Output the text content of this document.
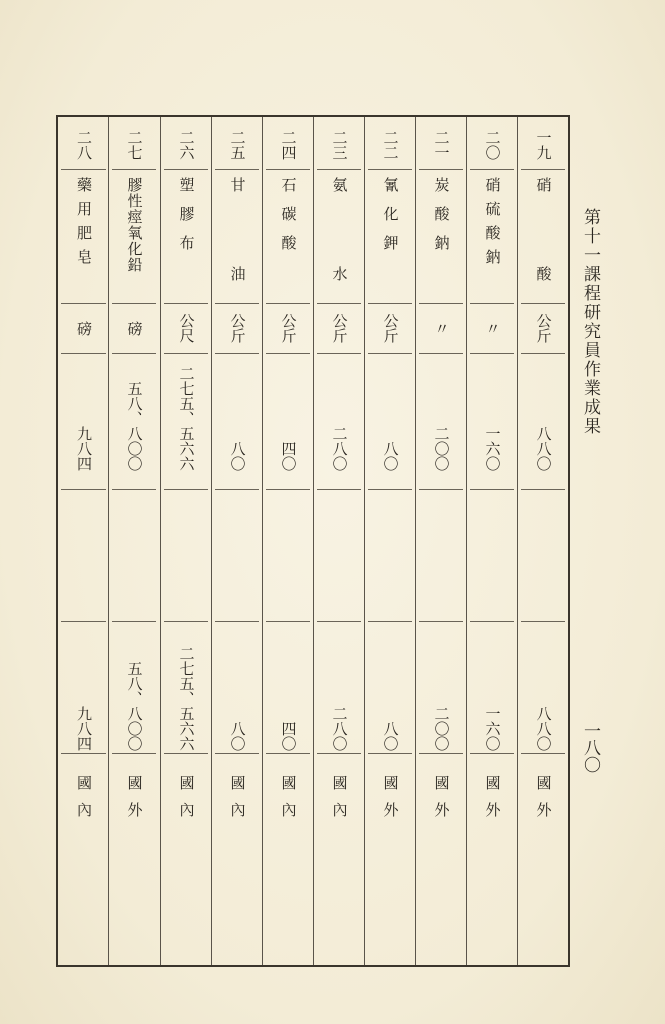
二八
藥用肥皂
磅
九八四
九八四
國內
二七
膠性痙氧化鉛
磅
五八、八〇〇
五八、八〇〇
國外
二六
塑膠布
公尺
二七五、五六六
二七五、五六六
國內
二五
甘 油
公斤
八〇
八〇
國內
二四
石碳酸
公斤
四〇
四〇
國內
二三
氨 水
公斤
二八〇
二八〇
國內
二二
氰化鉀
公斤
八〇
八〇
國外
二一
炭酸鈉
〃
二〇〇
二〇〇
國外
二〇
硝硫酸鈉
〃
一六〇
一六〇
國外
一九
硝 酸
公斤
八八〇
八八〇
國外
第十一課程研究員作業成果
一八〇
